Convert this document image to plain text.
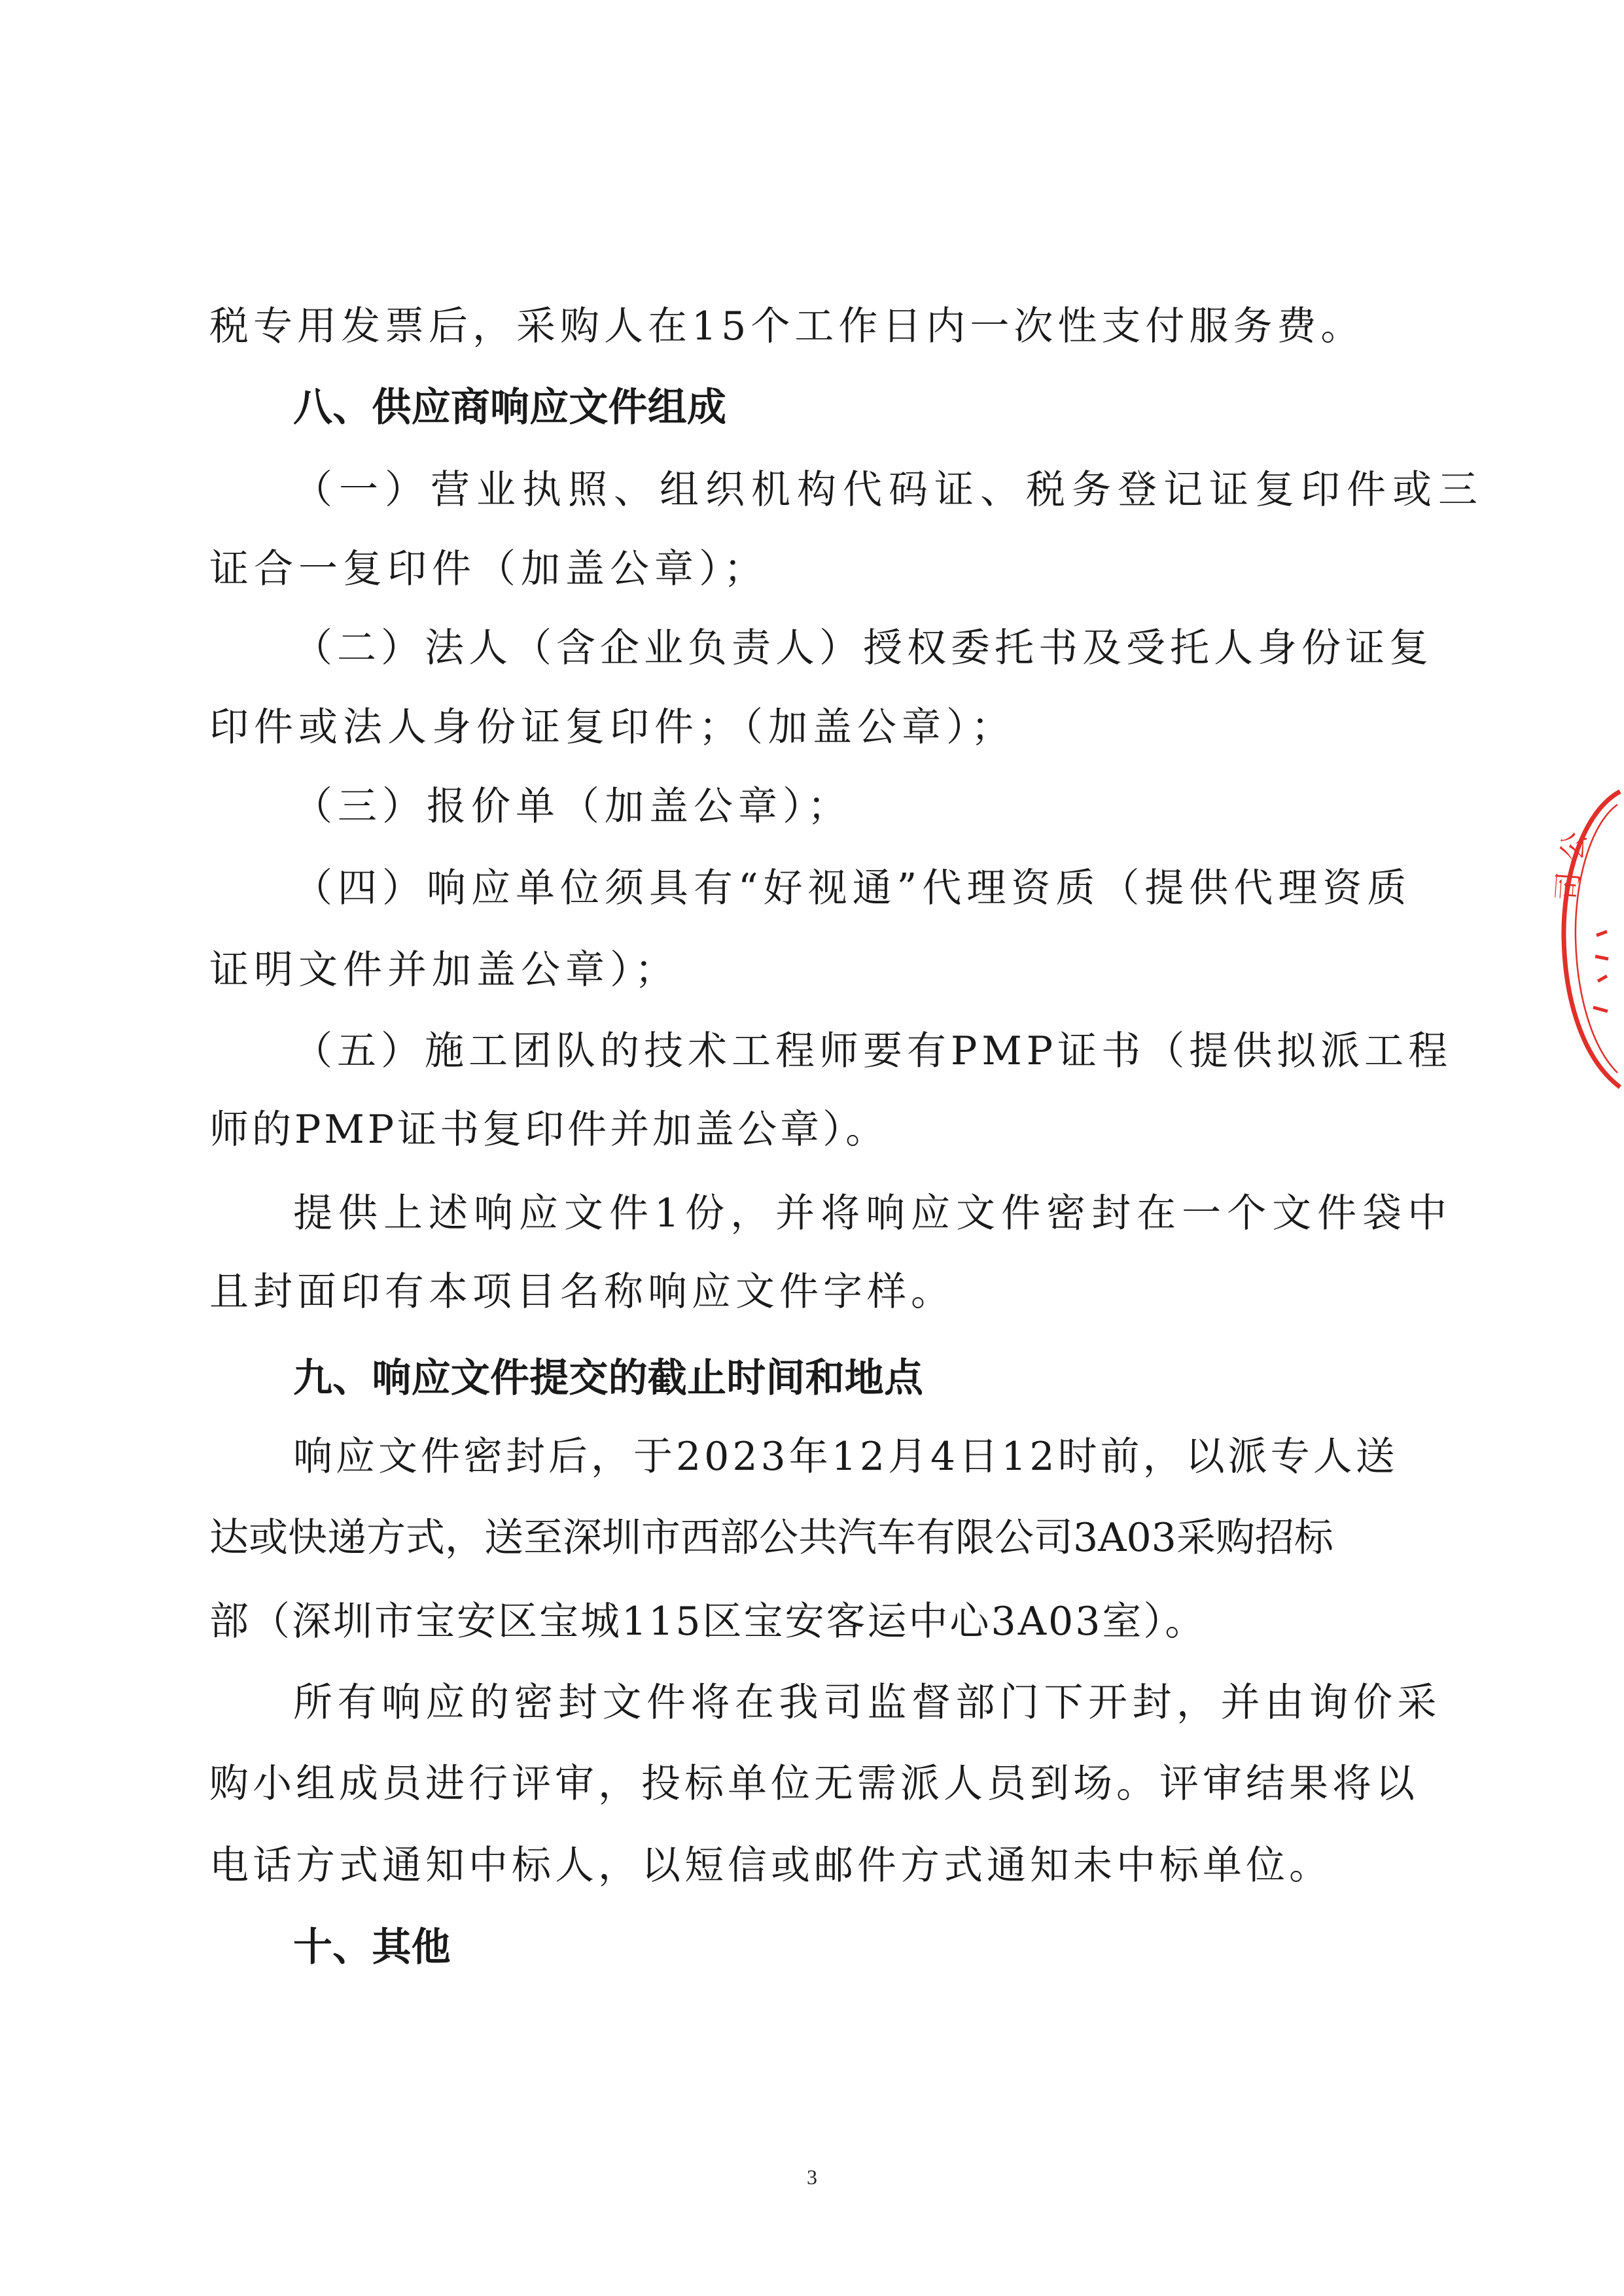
税专用发票后，采购人在15个工作日内一次性支付服务费。

八、供应商响应文件组成

（一）营业执照、组织机构代码证、税务登记证复印件或三

证合一复印件（加盖公章）；

（二）法人（含企业负责人）授权委托书及受托人身份证复

印件或法人身份证复印件；（加盖公章）；

（三）报价单（加盖公章）；

（四）响应单位须具有“好视通”代理资质（提供代理资质

证明文件并加盖公章）；

（五）施工团队的技术工程师要有PMP证书（提供拟派工程

师的PMP证书复印件并加盖公章）。

提供上述响应文件1份，并将响应文件密封在一个文件袋中

且封面印有本项目名称响应文件字样。

九、响应文件提交的截止时间和地点

响应文件密封后，于2023年12月4日12时前，以派专人送

达或快递方式，送至深圳市西部公共汽车有限公司3A03采购招标

部（深圳市宝安区宝城115区宝安客运中心3A03室）。

所有响应的密封文件将在我司监督部门下开封，并由询价采

购小组成员进行评审，投标单位无需派人员到场。评审结果将以

电话方式通知中标人，以短信或邮件方式通知未中标单位。

十、其他

3
公
司
